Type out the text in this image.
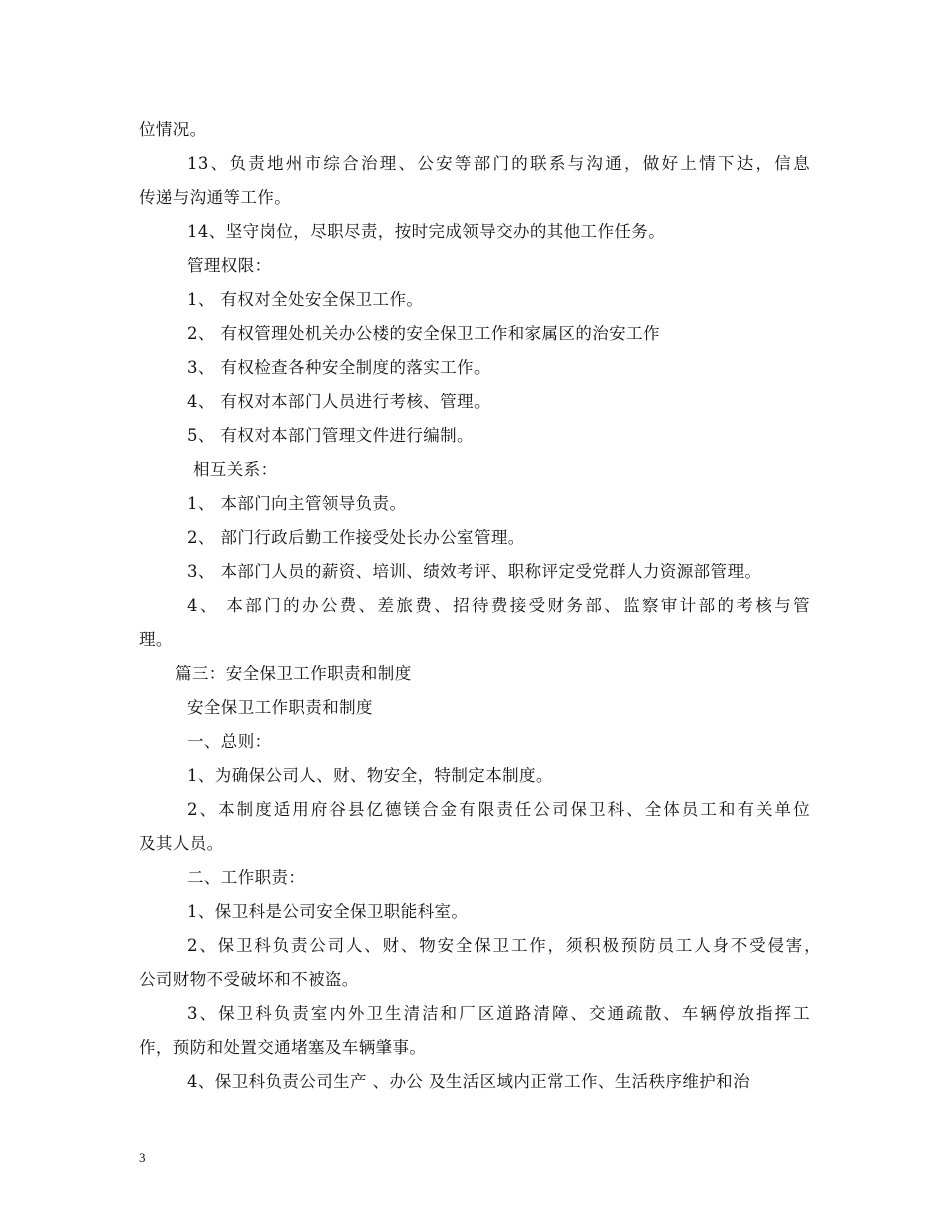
位情况。
13、负责地州市综合治理、公安等部门的联系与沟通，做好上情下达，信息
传递与沟通等工作。
14、坚守岗位，尽职尽责，按时完成领导交办的其他工作任务。
管理权限：
1、 有权对全处安全保卫工作。
2、 有权管理处机关办公楼的安全保卫工作和家属区的治安工作
3、 有权检查各种安全制度的落实工作。
4、 有权对本部门人员进行考核、管理。
5、 有权对本部门管理文件进行编制。
相互关系：
1、 本部门向主管领导负责。
2、 部门行政后勤工作接受处长办公室管理。
3、 本部门人员的薪资、培训、绩效考评、职称评定受党群人力资源部管理。
4、 本部门的办公费、差旅费、招待费接受财务部、监察审计部的考核与管
理。
篇三：安全保卫工作职责和制度
安全保卫工作职责和制度
一、总则：
1、为确保公司人、财、物安全，特制定本制度。
2、本制度适用府谷县亿德镁合金有限责任公司保卫科、全体员工和有关单位
及其人员。
二、工作职责：
1、保卫科是公司安全保卫职能科室。
2、保卫科负责公司人、财、物安全保卫工作，须积极预防员工人身不受侵害，
公司财物不受破坏和不被盗。
3、保卫科负责室内外卫生清洁和厂区道路清障、交通疏散、车辆停放指挥工
作，预防和处置交通堵塞及车辆肇事。
4、保卫科负责公司生产 、办公 及生活区域内正常工作、生活秩序维护和治
3
